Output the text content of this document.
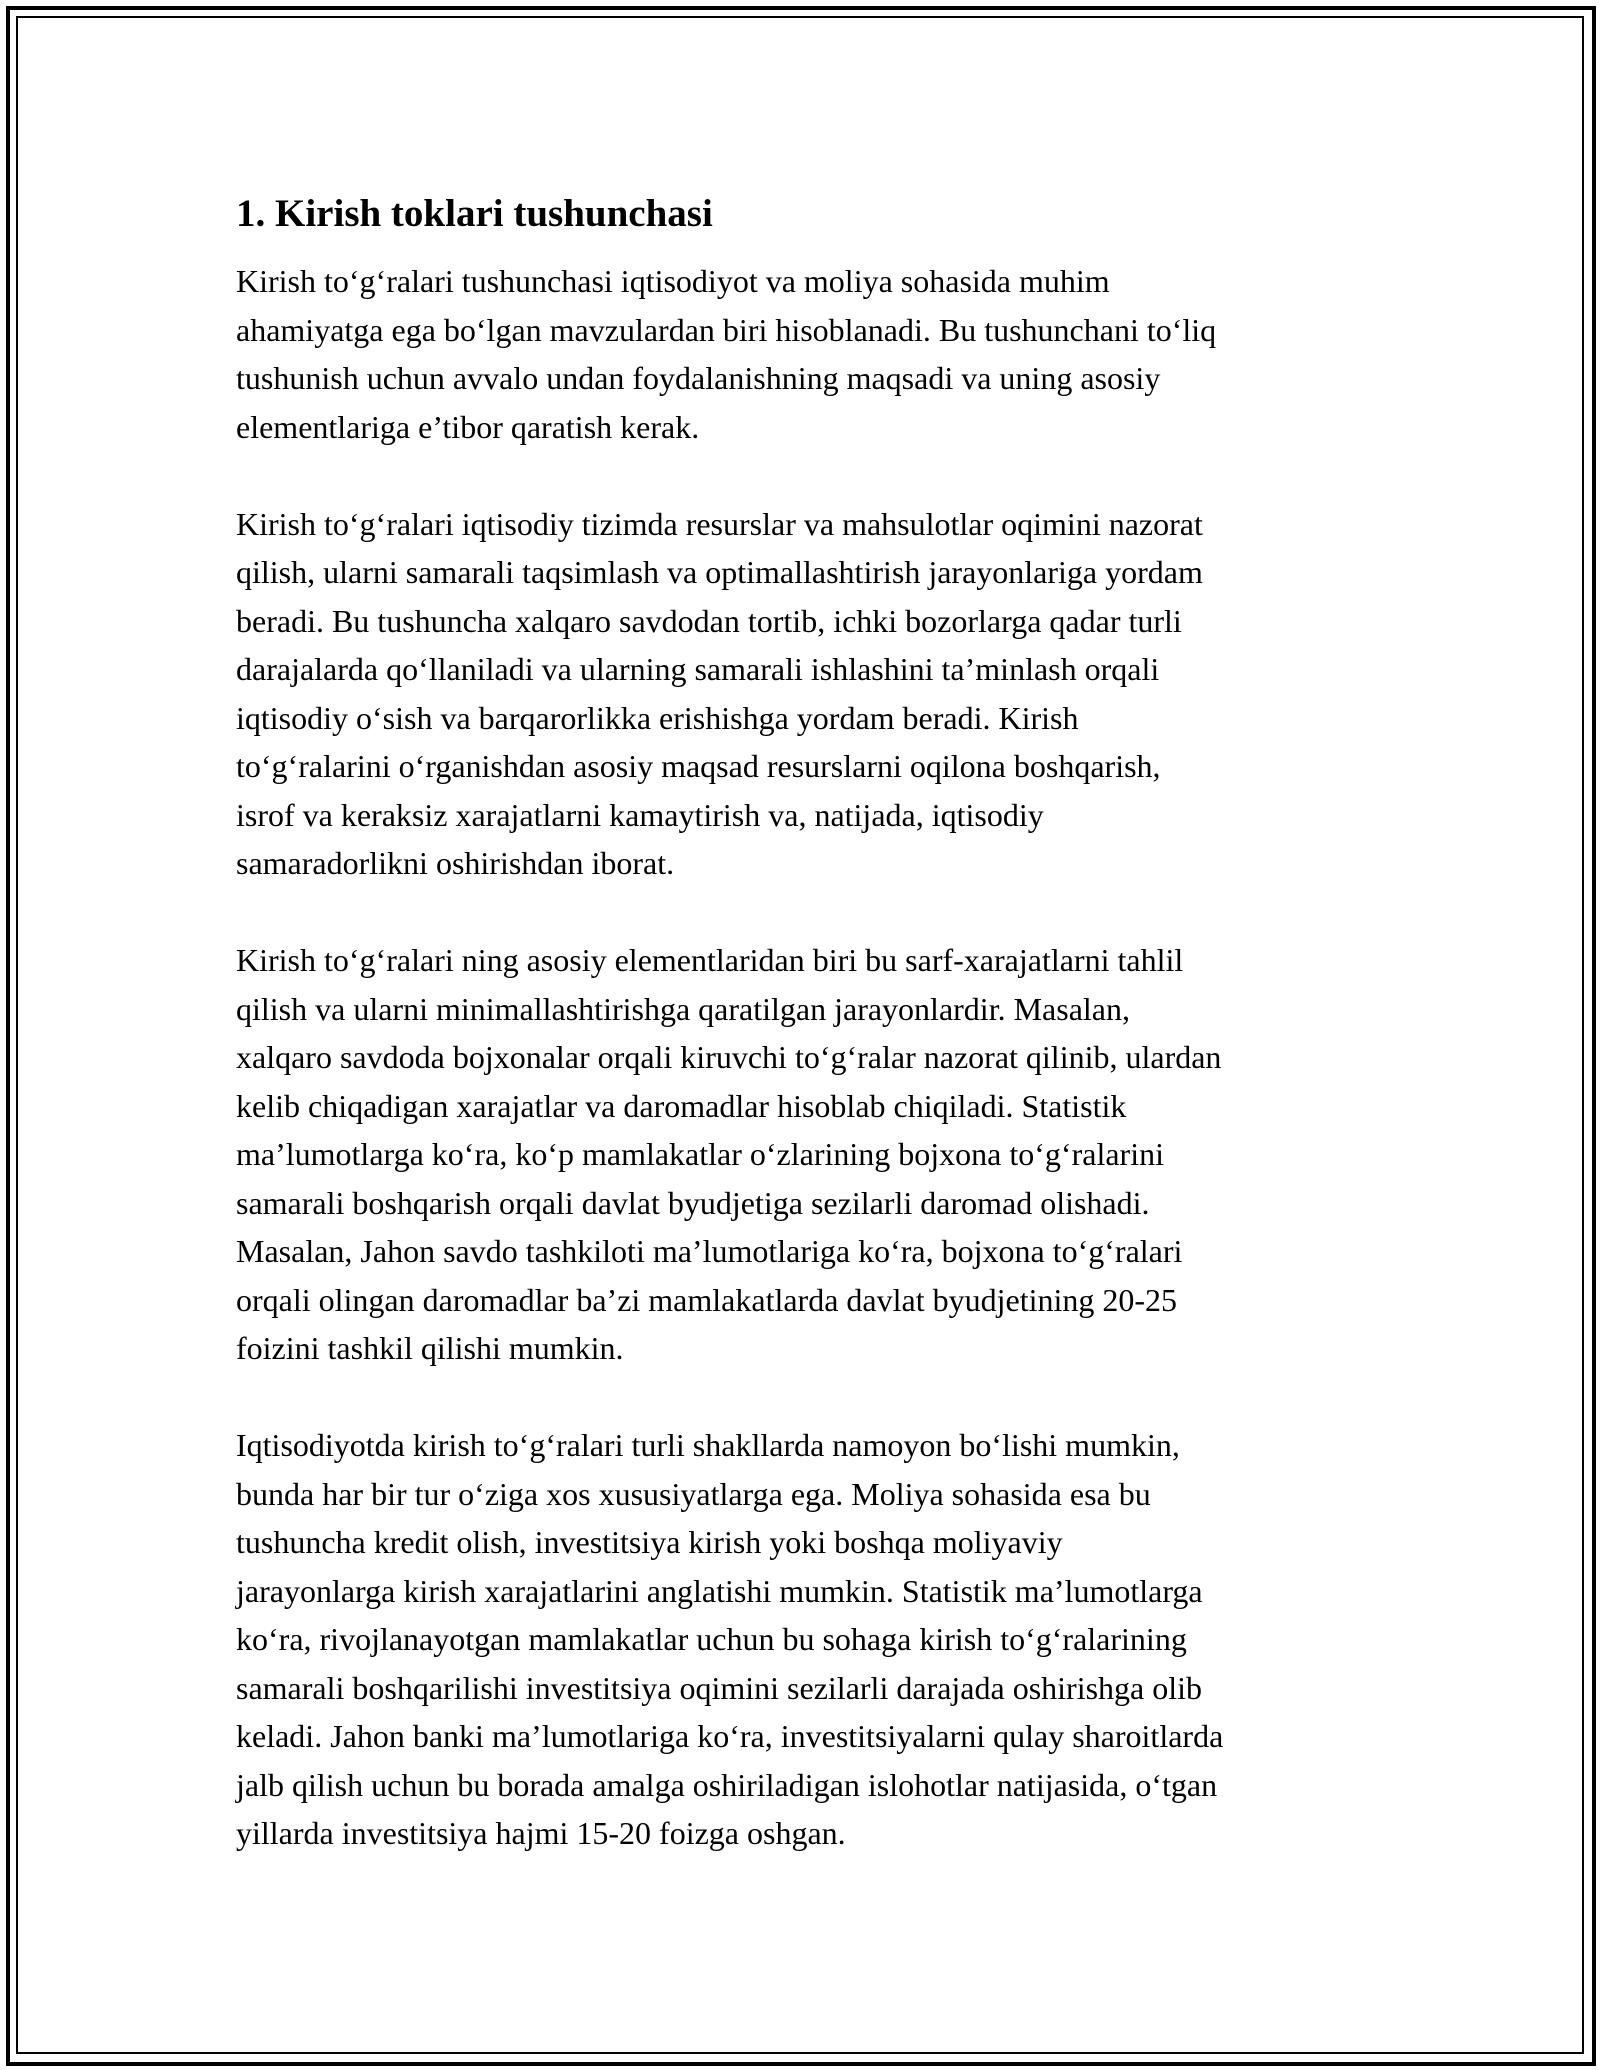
1. Kirish toklari tushunchasi

Kirish to‘g‘ralari tushunchasi iqtisodiyot va moliya sohasida muhim
ahamiyatga ega bo‘lgan mavzulardan biri hisoblanadi. Bu tushunchani to‘liq
tushunish uchun avvalo undan foydalanishning maqsadi va uning asosiy
elementlariga e’tibor qaratish kerak.

Kirish to‘g‘ralari iqtisodiy tizimda resurslar va mahsulotlar oqimini nazorat
qilish, ularni samarali taqsimlash va optimallashtirish jarayonlariga yordam
beradi. Bu tushuncha xalqaro savdodan tortib, ichki bozorlarga qadar turli
darajalarda qo‘llaniladi va ularning samarali ishlashini ta’minlash orqali
iqtisodiy o‘sish va barqarorlikka erishishga yordam beradi. Kirish
to‘g‘ralarini o‘rganishdan asosiy maqsad resurslarni oqilona boshqarish,
isrof va keraksiz xarajatlarni kamaytirish va, natijada, iqtisodiy
samaradorlikni oshirishdan iborat.

Kirish to‘g‘ralari ning asosiy elementlaridan biri bu sarf-xarajatlarni tahlil
qilish va ularni minimallashtirishga qaratilgan jarayonlardir. Masalan,
xalqaro savdoda bojxonalar orqali kiruvchi to‘g‘ralar nazorat qilinib, ulardan
kelib chiqadigan xarajatlar va daromadlar hisoblab chiqiladi. Statistik
ma’lumotlarga ko‘ra, ko‘p mamlakatlar o‘zlarining bojxona to‘g‘ralarini
samarali boshqarish orqali davlat byudjetiga sezilarli daromad olishadi.
Masalan, Jahon savdo tashkiloti ma’lumotlariga ko‘ra, bojxona to‘g‘ralari
orqali olingan daromadlar ba’zi mamlakatlarda davlat byudjetining 20-25
foizini tashkil qilishi mumkin.

Iqtisodiyotda kirish to‘g‘ralari turli shakllarda namoyon bo‘lishi mumkin,
bunda har bir tur o‘ziga xos xususiyatlarga ega. Moliya sohasida esa bu
tushuncha kredit olish, investitsiya kirish yoki boshqa moliyaviy
jarayonlarga kirish xarajatlarini anglatishi mumkin. Statistik ma’lumotlarga
ko‘ra, rivojlanayotgan mamlakatlar uchun bu sohaga kirish to‘g‘ralarining
samarali boshqarilishi investitsiya oqimini sezilarli darajada oshirishga olib
keladi. Jahon banki ma’lumotlariga ko‘ra, investitsiyalarni qulay sharoitlarda
jalb qilish uchun bu borada amalga oshiriladigan islohotlar natijasida, o‘tgan
yillarda investitsiya hajmi 15-20 foizga oshgan.
